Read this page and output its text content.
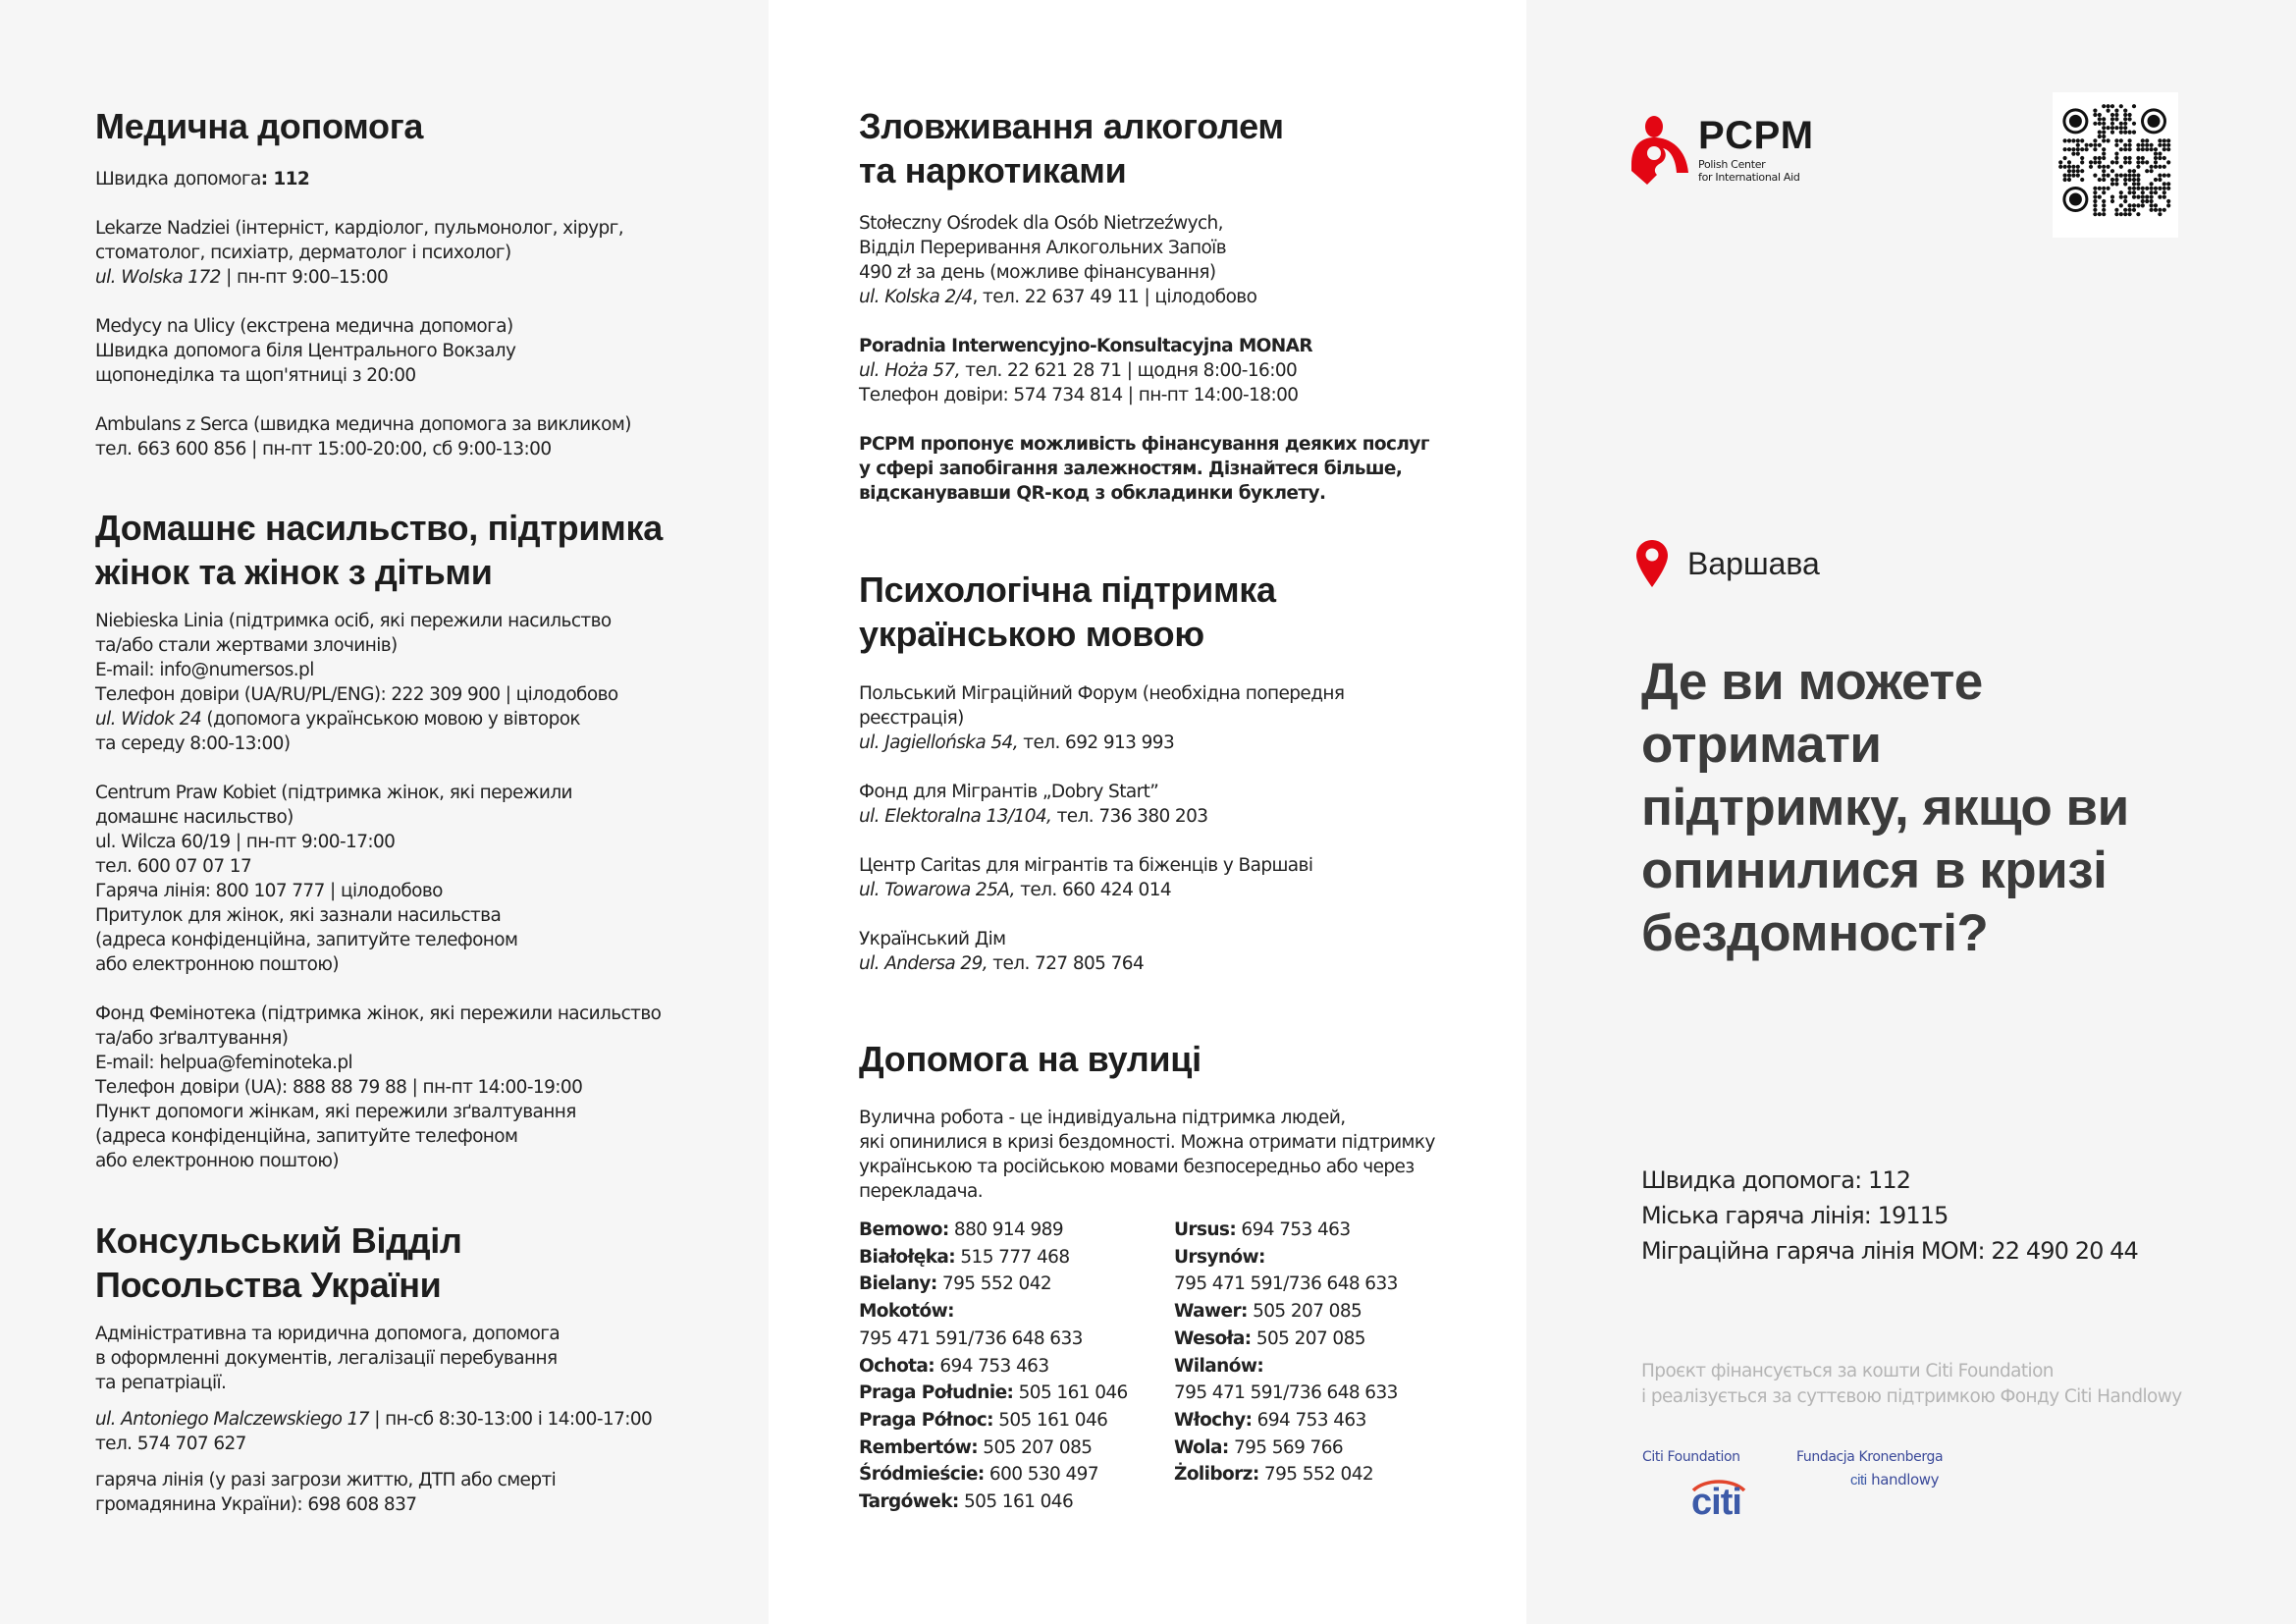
Медична допомога
Швидка допомога: 112
Lekarze Nadziei (інтерніст, кардіолог, пульмонолог, хірург,
стоматолог, психіатр, дерматолог і психолог)
ul. Wolska 172 | пн-пт 9:00–15:00
Medycy na Ulicy (екстрена медична допомога)
Швидка допомога біля Центрального Вокзалу
щопонеділка та щоп'ятниці з 20:00
Ambulans z Serca (швидка медична допомога за викликом)
тел. 663 600 856 | пн-пт 15:00-20:00, сб 9:00-13:00
Домашнє насильство, підтримка
жінок та жінок з дітьми
Niebieska Linia (підтримка осіб, які пережили насильство
та/або стали жертвами злочинів)
E-mail: info@numersos.pl
Телефон довіри (UA/RU/PL/ENG): 222 309 900 | цілодобово
ul. Widok 24 (допомога українською мовою у вівторок
та середу 8:00-13:00)
Centrum Praw Kobiet (підтримка жінок, які пережили
домашнє насильство)
ul. Wilcza 60/19 | пн-пт 9:00-17:00
тел. 600 07 07 17
Гаряча лінія: 800 107 777 | цілодобово
Притулок для жінок, які зазнали насильства
(адреса конфіденційна, запитуйте телефоном
або електронною поштою)
Фонд Фемінотека (підтримка жінок, які пережили насильство
та/або зґвалтування)
E-mail: helpua@feminoteka.pl
Телефон довіри (UA): 888 88 79 88 | пн-пт 14:00-19:00
Пункт допомоги жінкам, які пережили зґвалтування
(адреса конфіденційна, запитуйте телефоном
або електронною поштою)
Консульський Відділ
Посольства України
Адміністративна та юридична допомога, допомога
в оформленні документів, легалізації перебування
та репатріації.
ul. Antoniego Malczewskiego 17 | пн-сб 8:30-13:00 і 14:00-17:00
тел. 574 707 627
гаряча лінія (у разі загрози життю, ДТП або смерті
громадянина України): 698 608 837
Зловживання алкоголем
та наркотиками
Stołeczny Ośrodek dla Osób Nietrzeźwych,
Відділ Переривання Алкогольних Запоїв
490 zł за день (можливе фінансування)
ul. Kolska 2/4, тел. 22 637 49 11 | цілодобово
Poradnia Interwencyjno-Konsultacyjna MONAR
ul. Hoża 57, тел. 22 621 28 71 | щодня 8:00-16:00
Телефон довіри: 574 734 814 | пн-пт 14:00-18:00
PCPM пропонує можливість фінансування деяких послуг
у сфері запобігання залежностям. Дізнайтеся більше,
відсканувавши QR-код з обкладинки буклету.
Психологічна підтримка
українською мовою
Польський Міграційний Форум (необхідна попередня
реєстрація)
ul. Jagiellońska 54, тел. 692 913 993
Фонд для Мігрантів „Dobry Start”
ul. Elektoralna 13/104, тел. 736 380 203
Центр Caritas для мігрантів та біженців у Варшаві
ul. Towarowa 25A, тел. 660 424 014
Український Дім
ul. Andersa 29, тел. 727 805 764
Допомога на вулиці
Вулична робота - це індивідуальна підтримка людей,
які опинилися в кризі бездомності. Можна отримати підтримку
українською та російською мовами безпосередньо або через
перекладача.
Bemowo: 880 914 989
Białołęka: 515 777 468
Bielany: 795 552 042
Mokotów:
795 471 591/736 648 633
Ochota: 694 753 463
Praga Południe: 505 161 046
Praga Północ: 505 161 046
Rembertów: 505 207 085
Śródmieście: 600 530 497
Targówek: 505 161 046
Ursus: 694 753 463
Ursynów:
795 471 591/736 648 633
Wawer: 505 207 085
Wesoła: 505 207 085
Wilanów:
795 471 591/736 648 633
Włochy: 694 753 463
Wola: 795 569 766
Żoliborz: 795 552 042
PCPM
Polish Center
for International Aid
Варшава
Де ви можете
отримати
підтримку, якщо ви
опинилися в кризі
бездомності?
Швидка допомога: 112
Міська гаряча лінія: 19115
Міграційна гаряча лінія МОМ: 22 490 20 44
Проєкт фінансується за кошти Citi Foundation
і реалізується за суттєвою підтримкою Фонду Citi Handlowy
Citi Foundation
citi
Fundacja Kronenberga
citi handlowy
